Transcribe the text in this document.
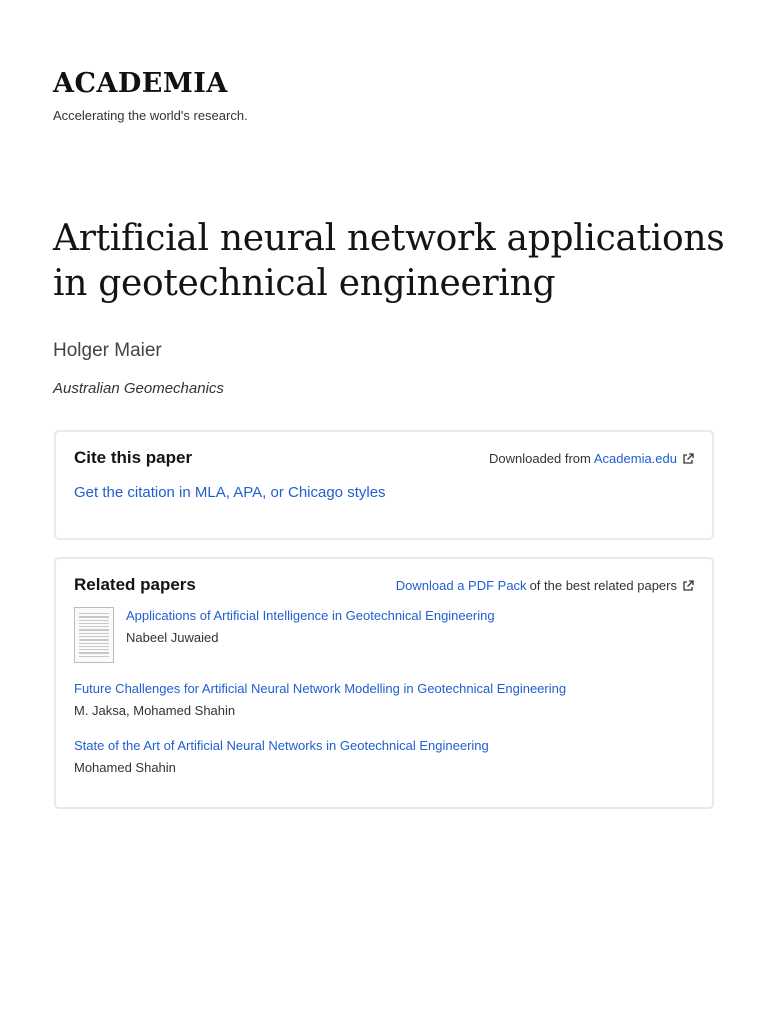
ACADEMIA
Accelerating the world's research.
Artificial neural network applications in geotechnical engineering
Holger Maier
Australian Geomechanics
Cite this paper	Downloaded from Academia.edu
Get the citation in MLA, APA, or Chicago styles
Related papers	Download a PDF Pack of the best related papers
Applications of Artificial Intelligence in Geotechnical Engineering
Nabeel Juwaied
Future Challenges for Artificial Neural Network Modelling in Geotechnical Engineering
M. Jaksa, Mohamed Shahin
State of the Art of Artificial Neural Networks in Geotechnical Engineering
Mohamed Shahin
